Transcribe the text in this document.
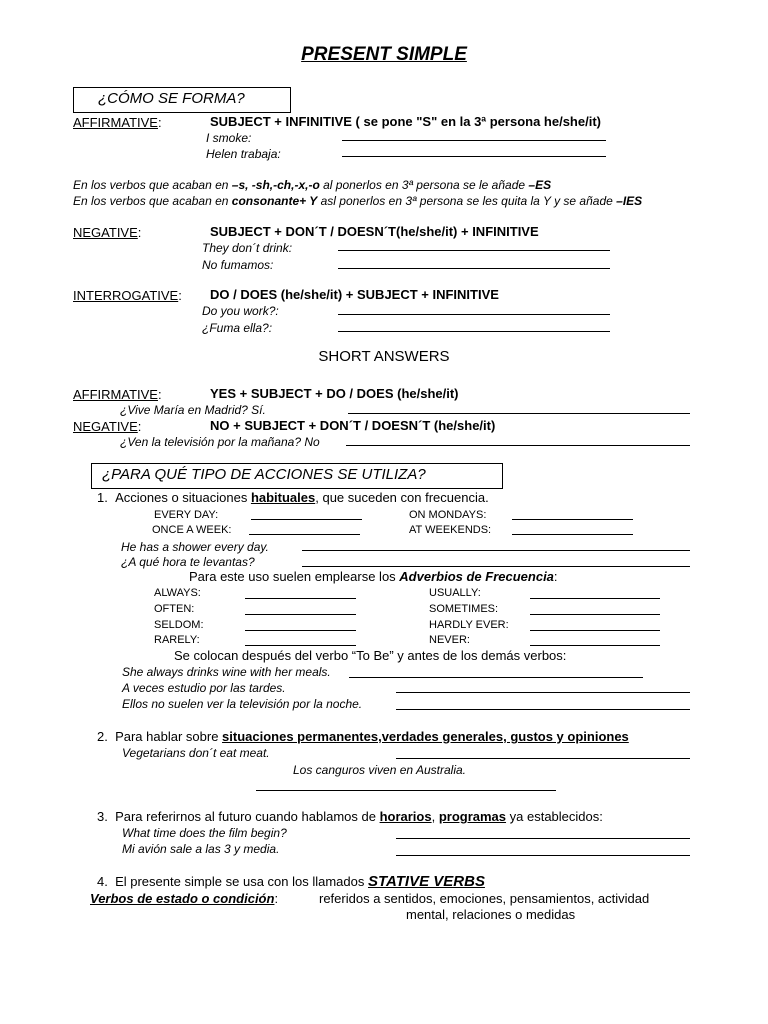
PRESENT SIMPLE
¿CÓMO SE FORMA?
AFFIRMATIVE:	SUBJECT + INFINITIVE ( se pone "S" en la 3ª persona he/she/it)
I smoke:
Helen trabaja:
En los verbos que acaban en –s, -sh,-ch,-x,-o al ponerlos en 3ª persona se le añade –ES
En los verbos que acaban en consonante+ Y asl ponerlos en 3ª persona se les quita la Y y se añade –IES
NEGATIVE:	SUBJECT + DON´T / DOESN´T(he/she/it) + INFINITIVE
They don´t drink:
No fumamos:
INTERROGATIVE: DO / DOES (he/she/it) + SUBJECT + INFINITIVE
Do you work?:
¿Fuma ella?:
SHORT ANSWERS
AFFIRMATIVE:	YES + SUBJECT + DO / DOES (he/she/it)
¿Vive María en Madrid? Sí.
NEGATIVE:	NO + SUBJECT + DON´T / DOESN´T (he/she/it)
¿Ven la televisión por la mañana? No
¿PARA QUÉ TIPO DE ACCIONES SE UTILIZA?
1. Acciones o situaciones habituales, que suceden con frecuencia.
EVERY DAY:	ON MONDAYS:
ONCE A WEEK:	AT WEEKENDS:
He has a shower every day.
¿A qué hora te levantas?
Para este uso suelen emplearse los Adverbios de Frecuencia:
ALWAYS:	USUALLY:
OFTEN:	SOMETIMES:
SELDOM:	HARDLY EVER:
RARELY:	NEVER:
Se colocan después del verbo “To Be” y antes de los demás verbos:
She always drinks wine with her meals.
A veces estudio por las tardes.
Ellos no suelen ver la televisión por la noche.
2. Para hablar sobre situaciones permanentes,verdades generales, gustos y opiniones
Vegetarians don´t eat meat.
Los canguros viven en Australia.
3. Para referirnos al futuro cuando hablamos de horarios, programas ya establecidos:
What time does the film begin?
Mi avión sale a las 3 y media.
4. El presente simple se usa con los llamados STATIVE VERBS
Verbos de estado o condición:	referidos a sentidos, emociones, pensamientos, actividad
mental, relaciones o medidas
